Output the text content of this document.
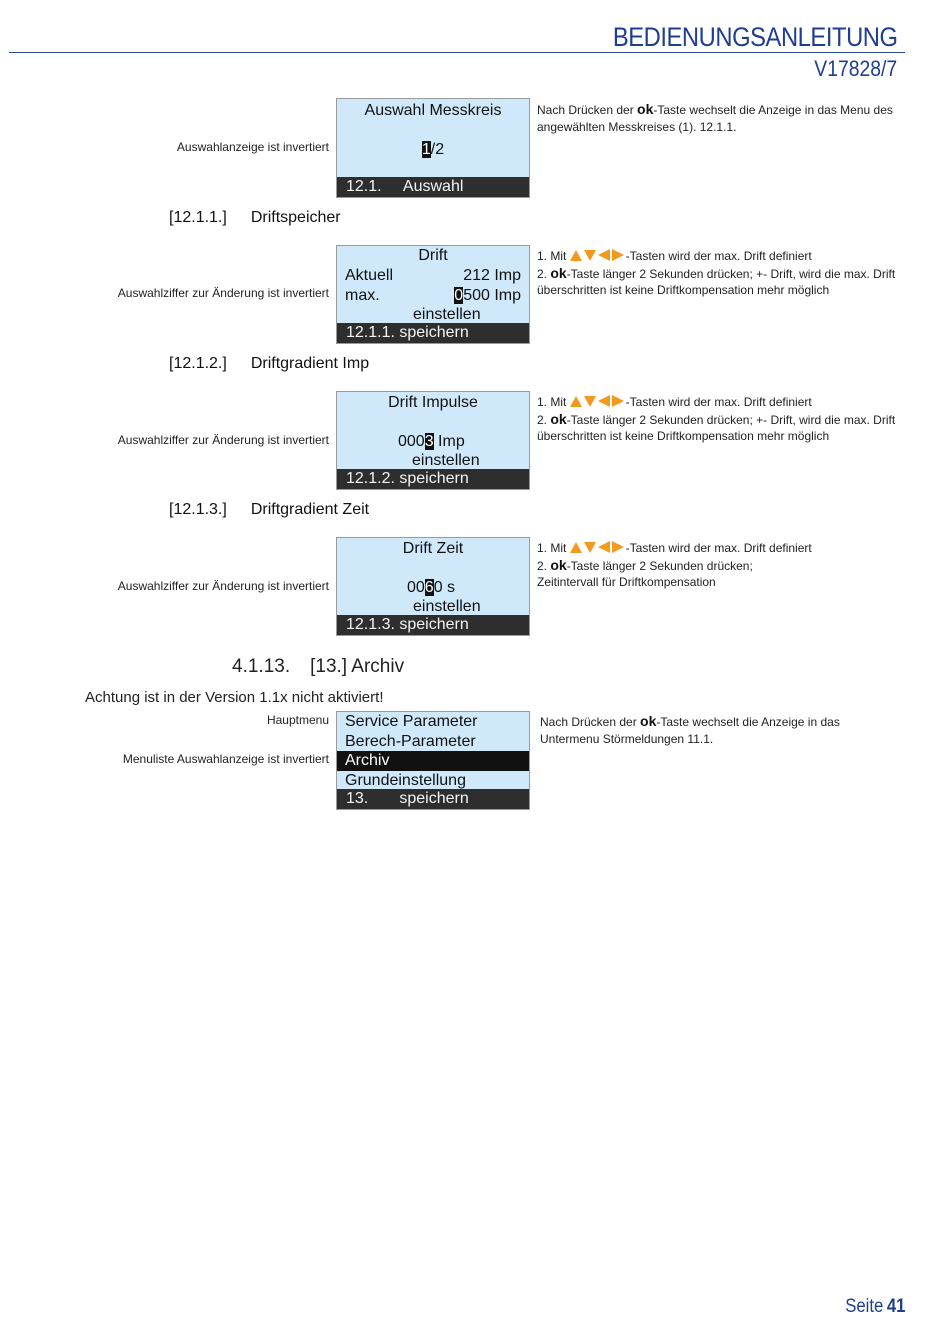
BEDIENUNGSANLEITUNG
V17828/7
Auswahlanzeige ist invertiert
Auswahl Messkreis
1/2
12.1.     Auswahl
Nach Drücken der ok-Taste wechselt die Anzeige in das Menu des angewählten Messkreises (1). 12.1.1.
[12.1.1.] Driftspeicher
Auswahlziffer zur Änderung ist invertiert
Drift
Aktuell	212 Imp
max.	0500 Imp
einstellen
12.1.1. speichern
1. Mit	-Tasten wird der max. Drift definiert
2. ok-Taste länger 2 Sekunden drücken; +- Drift, wird die max. Drift überschritten ist keine Driftkompensation mehr möglich
[12.1.2.] Driftgradient Imp
Auswahlziffer zur Änderung ist invertiert
Drift Impulse
0003 Imp
einstellen
12.1.2. speichern
1. Mit	-Tasten wird der max. Drift definiert
2. ok-Taste länger 2 Sekunden drücken; +- Drift, wird die max. Drift überschritten ist keine Driftkompensation mehr möglich
[12.1.3.] Driftgradient Zeit
Auswahlziffer zur Änderung ist invertiert
Drift Zeit
0060 s
einstellen
12.1.3. speichern
1. Mit	-Tasten wird der max. Drift definiert
2. ok-Taste länger 2 Sekunden drücken; Zeitintervall für Driftkompensation
4.1.13. [13.] Archiv
Achtung ist in der Version 1.1x nicht aktiviert!
Hauptmenu
Menuliste Auswahlanzeige ist invertiert
Service Parameter
Berech-Parameter
Archiv
Grundeinstellung
13.       speichern
Nach Drücken der ok-Taste wechselt die Anzeige in das Untermenu Störmeldungen 11.1.
Seite 41
